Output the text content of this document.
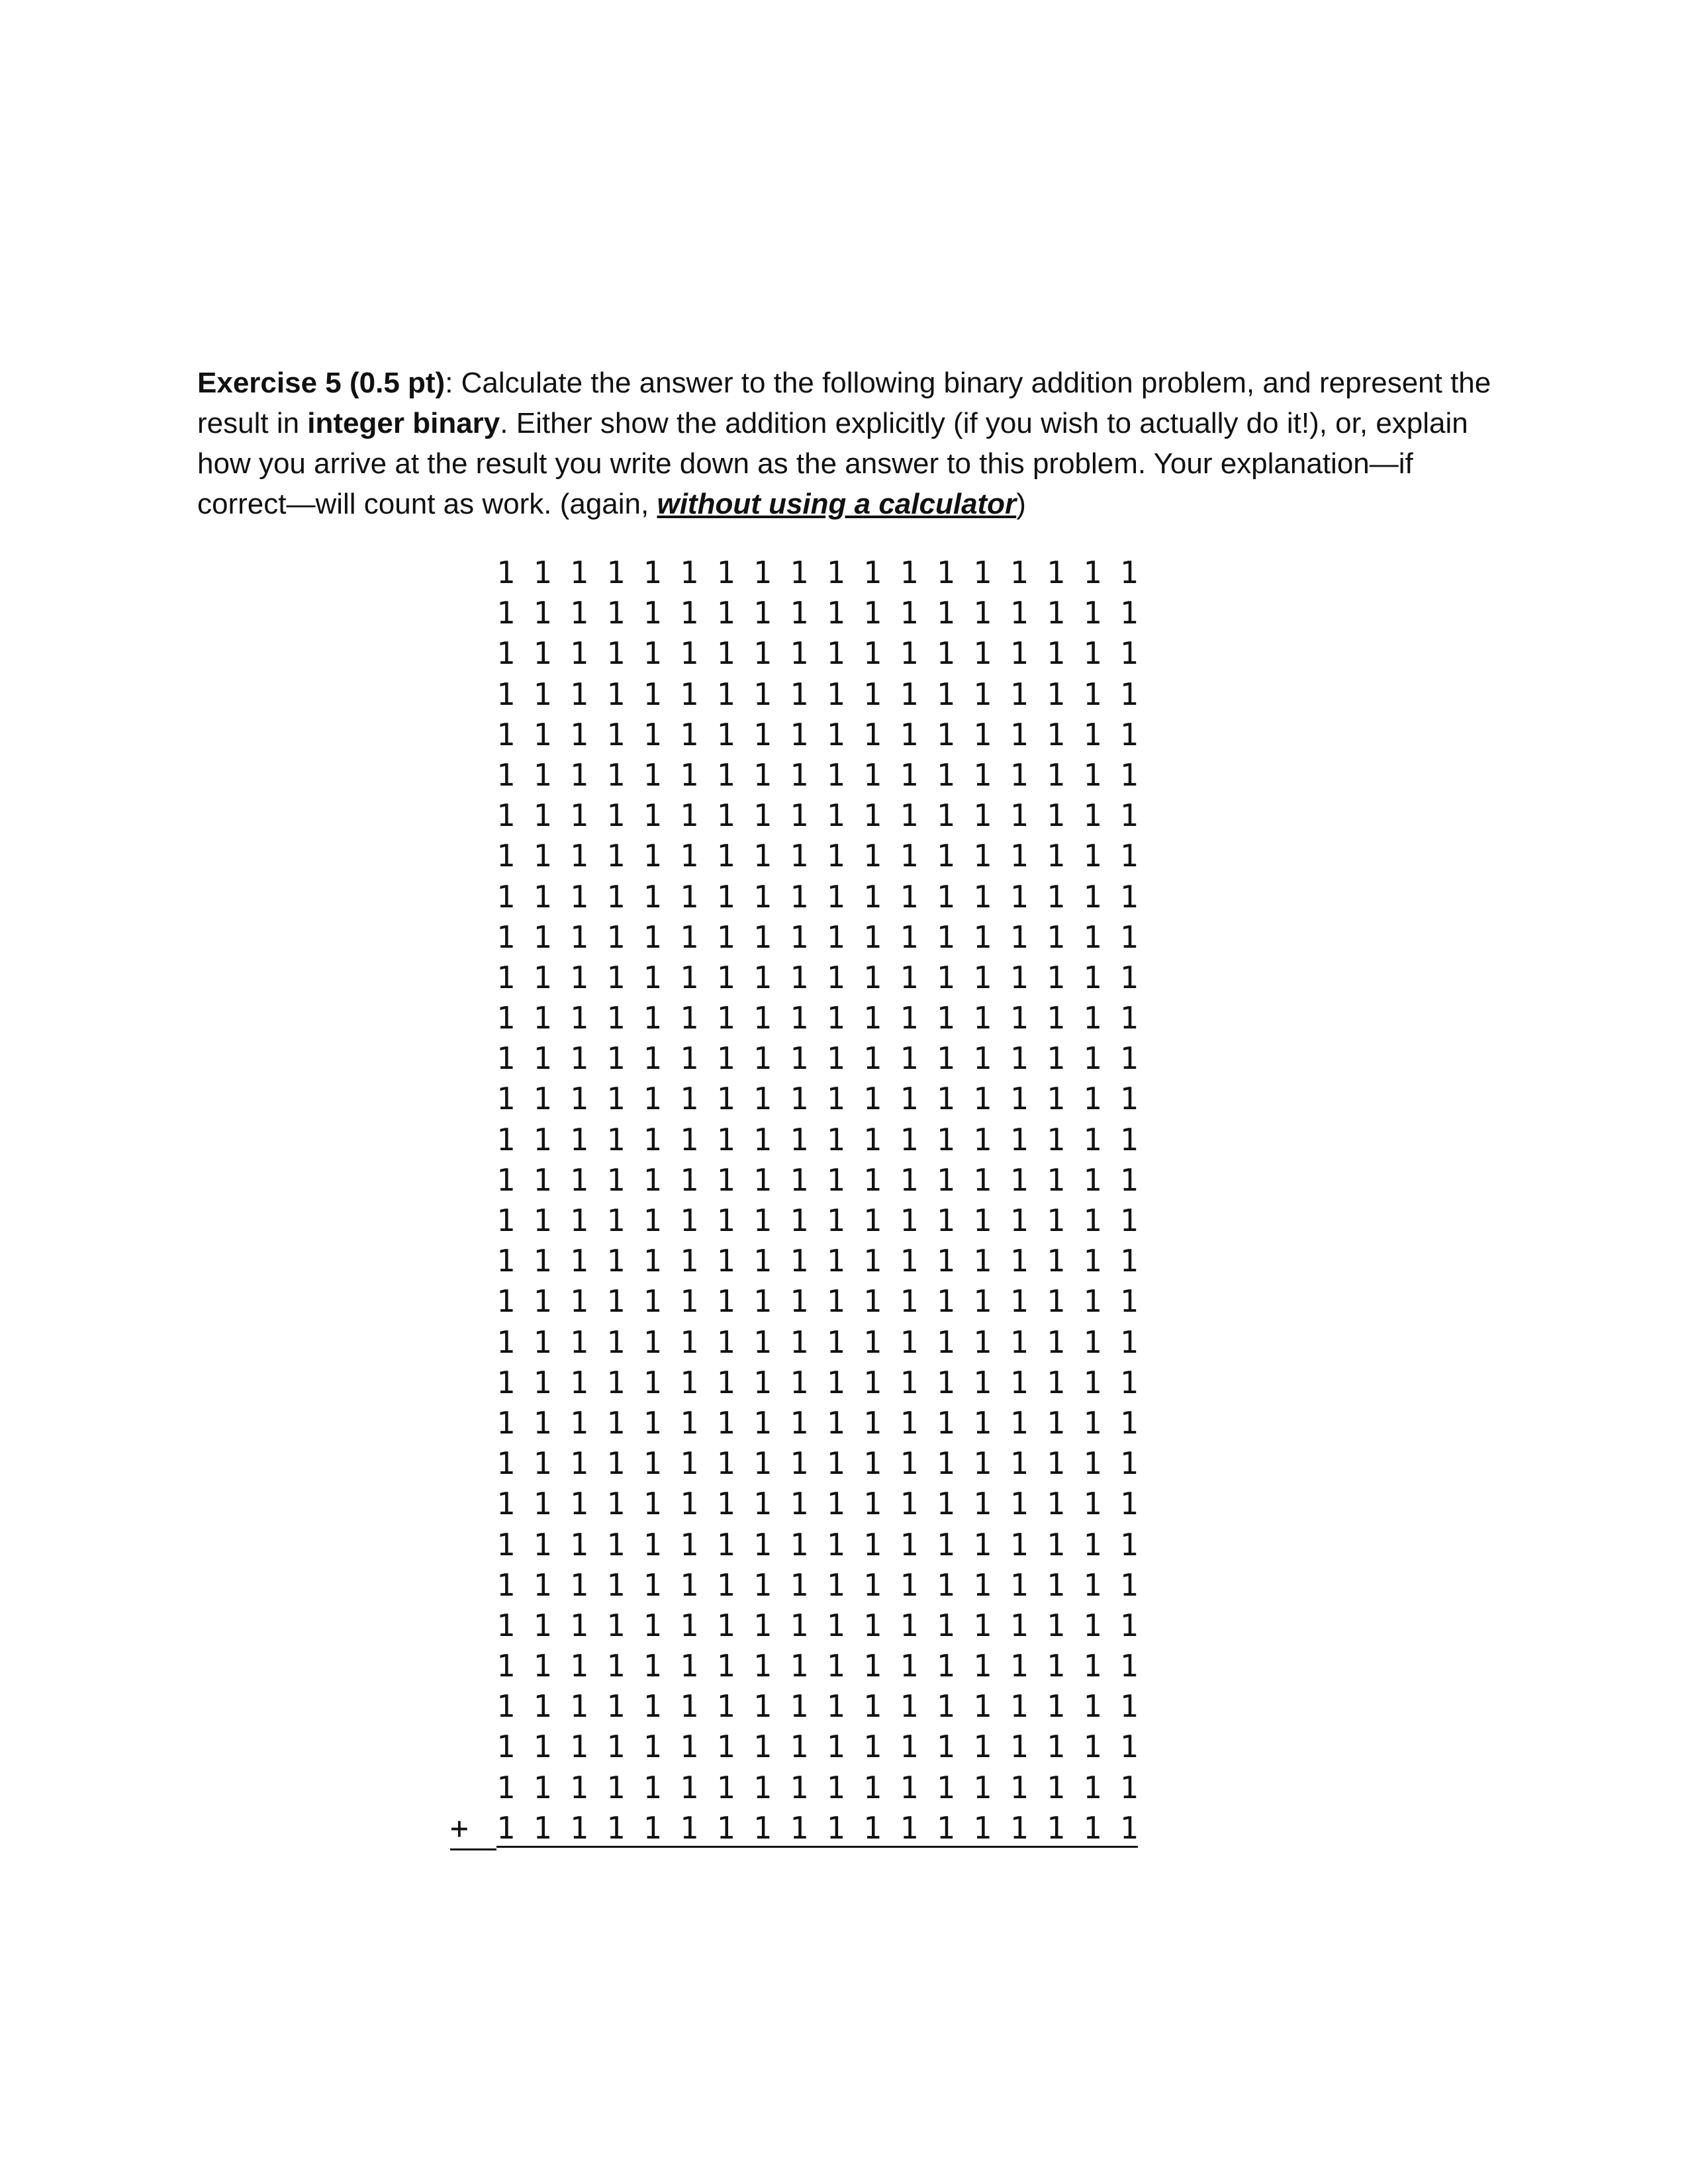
Exercise 5 (0.5 pt): Calculate the answer to the following binary addition problem, and represent the result in integer binary. Either show the addition explicitly (if you wish to actually do it!), or, explain how you arrive at the result you write down as the answer to this problem. Your explanation—if correct—will count as work. (again, without using a calculator)

1 1 1 1 1 1 1 1 1 1 1 1 1 1 1 1 1 1
1 1 1 1 1 1 1 1 1 1 1 1 1 1 1 1 1 1
1 1 1 1 1 1 1 1 1 1 1 1 1 1 1 1 1 1
1 1 1 1 1 1 1 1 1 1 1 1 1 1 1 1 1 1
1 1 1 1 1 1 1 1 1 1 1 1 1 1 1 1 1 1
1 1 1 1 1 1 1 1 1 1 1 1 1 1 1 1 1 1
1 1 1 1 1 1 1 1 1 1 1 1 1 1 1 1 1 1
1 1 1 1 1 1 1 1 1 1 1 1 1 1 1 1 1 1
1 1 1 1 1 1 1 1 1 1 1 1 1 1 1 1 1 1
1 1 1 1 1 1 1 1 1 1 1 1 1 1 1 1 1 1
1 1 1 1 1 1 1 1 1 1 1 1 1 1 1 1 1 1
1 1 1 1 1 1 1 1 1 1 1 1 1 1 1 1 1 1
1 1 1 1 1 1 1 1 1 1 1 1 1 1 1 1 1 1
1 1 1 1 1 1 1 1 1 1 1 1 1 1 1 1 1 1
1 1 1 1 1 1 1 1 1 1 1 1 1 1 1 1 1 1
1 1 1 1 1 1 1 1 1 1 1 1 1 1 1 1 1 1
1 1 1 1 1 1 1 1 1 1 1 1 1 1 1 1 1 1
1 1 1 1 1 1 1 1 1 1 1 1 1 1 1 1 1 1
1 1 1 1 1 1 1 1 1 1 1 1 1 1 1 1 1 1
1 1 1 1 1 1 1 1 1 1 1 1 1 1 1 1 1 1
1 1 1 1 1 1 1 1 1 1 1 1 1 1 1 1 1 1
1 1 1 1 1 1 1 1 1 1 1 1 1 1 1 1 1 1
1 1 1 1 1 1 1 1 1 1 1 1 1 1 1 1 1 1
1 1 1 1 1 1 1 1 1 1 1 1 1 1 1 1 1 1
1 1 1 1 1 1 1 1 1 1 1 1 1 1 1 1 1 1
1 1 1 1 1 1 1 1 1 1 1 1 1 1 1 1 1 1
1 1 1 1 1 1 1 1 1 1 1 1 1 1 1 1 1 1
1 1 1 1 1 1 1 1 1 1 1 1 1 1 1 1 1 1
1 1 1 1 1 1 1 1 1 1 1 1 1 1 1 1 1 1
1 1 1 1 1 1 1 1 1 1 1 1 1 1 1 1 1 1
1 1 1 1 1 1 1 1 1 1 1 1 1 1 1 1 1 1
+ 1 1 1 1 1 1 1 1 1 1 1 1 1 1 1 1 1 1
